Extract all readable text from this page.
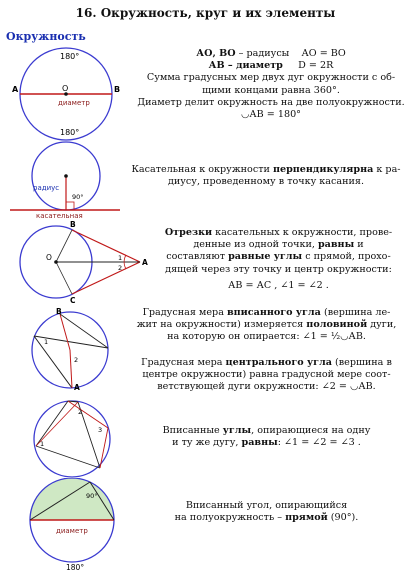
16. Окружность, круг и их элементы
Окружность
180°
180°
А	В
О
диаметр
АО, ВО – радиусы АО = ВО
АВ – диаметр D = 2R
Сумма градусных мер двух дуг окружности с об-
щими концами равна 360°.
Диаметр делит окружность на две полуокружности.
◡АВ = 180°
радиус
90°
касательная
Касательная к окружности перпендикулярна к ра-
диусу, проведенному в точку касания.
В
С
О
А
1
2
Отрезки касательных к окружности, прове-
денные из одной точки, равны и
составляют равные углы с прямой, прохо-
дящей через эту точку и центр окружности:
АВ = АС , ∠1 = ∠2 .
В
А
1
2
Градусная мера вписанного угла (вершина ле-
жит на окружности) измеряется половиной дуги,
на которую он опирается: ∠1 = ½◡АВ.
Градусная мера центрального угла (вершина в
центре окружности) равна градусной мере соот-
ветствующей дуги окружности: ∠2 = ◡АВ.
1
2
3	Вписанные углы, опирающиеся на одну
и ту же дугу, равны: ∠1 = ∠2 = ∠3 .
90°
диаметр
180°
Вписанный угол, опирающийся
на полуокружность – прямой (90°).
